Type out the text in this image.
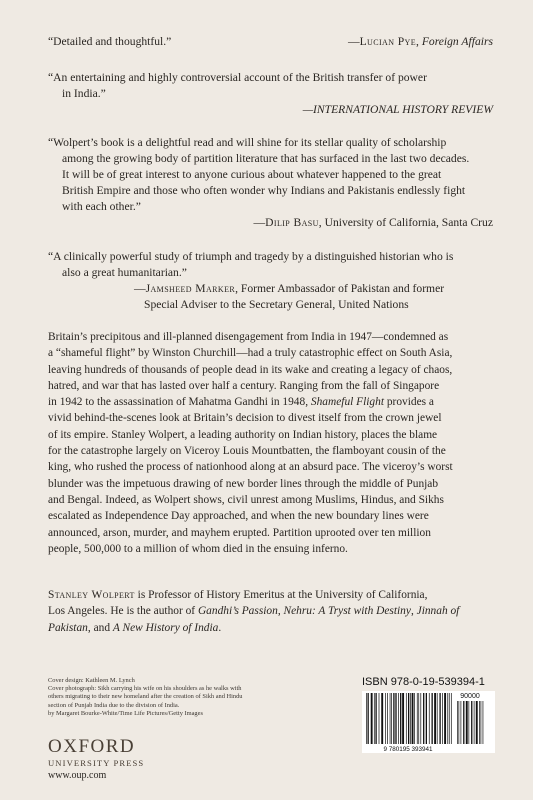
“Detailed and thoughtful.”	—Lucian Pye, Foreign Affairs
“An entertaining and highly controversial account of the British transfer of power
in India.”
—INTERNATIONAL HISTORY REVIEW
“Wolpert’s book is a delightful read and will shine for its stellar quality of scholarship
among the growing body of partition literature that has surfaced in the last two decades.
It will be of great interest to anyone curious about whatever happened to the great
British Empire and those who often wonder why Indians and Pakistanis endlessly fight
with each other.”
—Dilip Basu, University of California, Santa Cruz
“A clinically powerful study of triumph and tragedy by a distinguished historian who is
also a great humanitarian.”
—Jamsheed Marker, Former Ambassador of Pakistan and former
Special Adviser to the Secretary General, United Nations
Britain’s precipitous and ill-planned disengagement from India in 1947—condemned as
a “shameful flight” by Winston Churchill—had a truly catastrophic effect on South Asia,
leaving hundreds of thousands of people dead in its wake and creating a legacy of chaos,
hatred, and war that has lasted over half a century. Ranging from the fall of Singapore
in 1942 to the assassination of Mahatma Gandhi in 1948, Shameful Flight provides a
vivid behind-the-scenes look at Britain’s decision to divest itself from the crown jewel
of its empire. Stanley Wolpert, a leading authority on Indian history, places the blame
for the catastrophe largely on Viceroy Louis Mountbatten, the flamboyant cousin of the
king, who rushed the process of nationhood along at an absurd pace. The viceroy’s worst
blunder was the impetuous drawing of new border lines through the middle of Punjab
and Bengal. Indeed, as Wolpert shows, civil unrest among Muslims, Hindus, and Sikhs
escalated as Independence Day approached, and when the new boundary lines were
announced, arson, murder, and mayhem erupted. Partition uprooted over ten million
people, 500,000 to a million of whom died in the ensuing inferno.
Stanley Wolpert is Professor of History Emeritus at the University of California,
Los Angeles. He is the author of Gandhi’s Passion, Nehru: A Tryst with Destiny, Jinnah of
Pakistan, and A New History of India.
Cover design: Kathleen M. Lynch
Cover photograph: Sikh carrying his wife on his shoulders as he walks with
others migrating to their new homeland after the creation of Sikh and Hindu
section of Punjab India due to the division of India.
by Margaret Bourke-White/Time Life Pictures/Getty Images
OXFORD
UNIVERSITY PRESS
www.oup.com
ISBN 978-0-19-539394-1
90000
9 780195 393941
